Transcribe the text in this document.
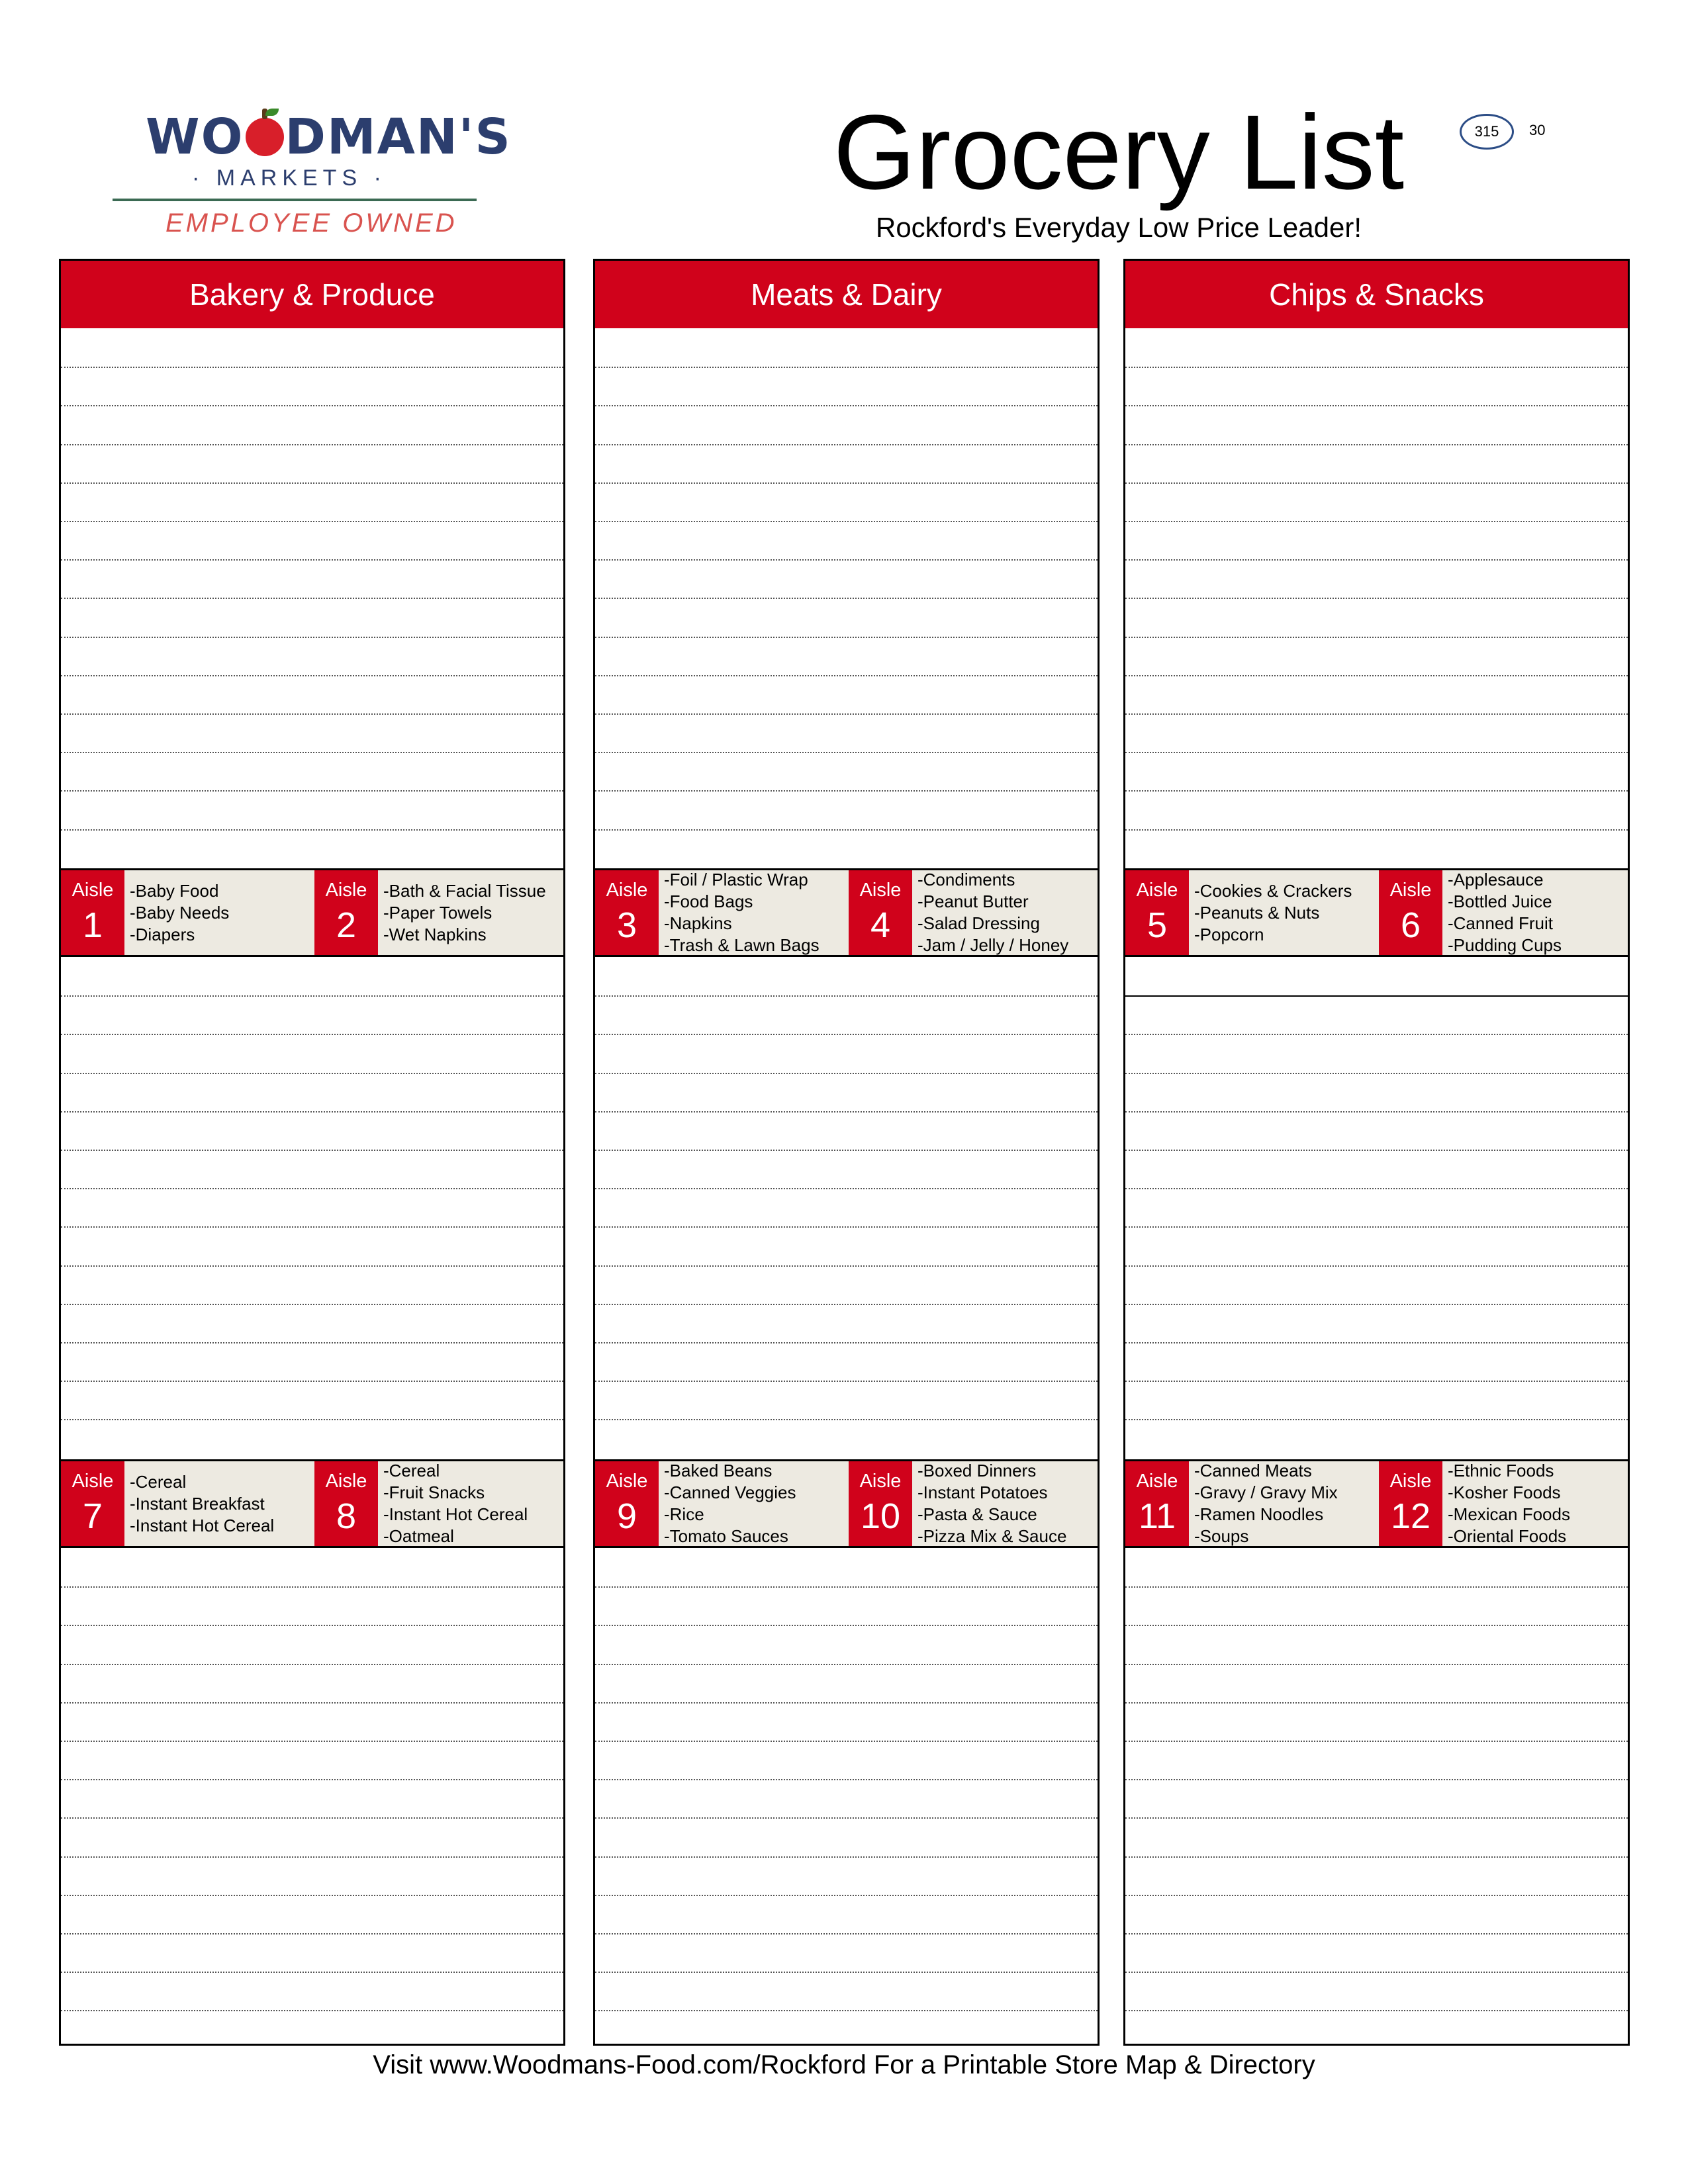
WO DMAN'S
· MARKETS ·
EMPLOYEE OWNED
Grocery List
Rockford's Everyday Low Price Leader!
315	30
Bakery & Produce
Aisle
1
-Baby Food
-Baby Needs
-Diapers
Aisle
2
-Bath & Facial Tissue
-Paper Towels
-Wet Napkins
Aisle
7
-Cereal
-Instant Breakfast
-Instant Hot Cereal
Aisle
8
-Cereal
-Fruit Snacks
-Instant Hot Cereal
-Oatmeal
Meats & Dairy
Aisle
3
-Foil / Plastic Wrap
-Food Bags
-Napkins
-Trash & Lawn Bags
Aisle
4
-Condiments
-Peanut Butter
-Salad Dressing
-Jam / Jelly / Honey
Aisle
9
-Baked Beans
-Canned Veggies
-Rice
-Tomato Sauces
Aisle
10
-Boxed Dinners
-Instant Potatoes
-Pasta & Sauce
-Pizza Mix & Sauce
Chips & Snacks
Aisle
5
-Cookies & Crackers
-Peanuts & Nuts
-Popcorn
Aisle
6
-Applesauce
-Bottled Juice
-Canned Fruit
-Pudding Cups
Aisle
11
-Canned Meats
-Gravy / Gravy Mix
-Ramen Noodles
-Soups
Aisle
12
-Ethnic Foods
-Kosher Foods
-Mexican Foods
-Oriental Foods
Visit www.Woodmans-Food.com/Rockford For a Printable Store Map & Directory
